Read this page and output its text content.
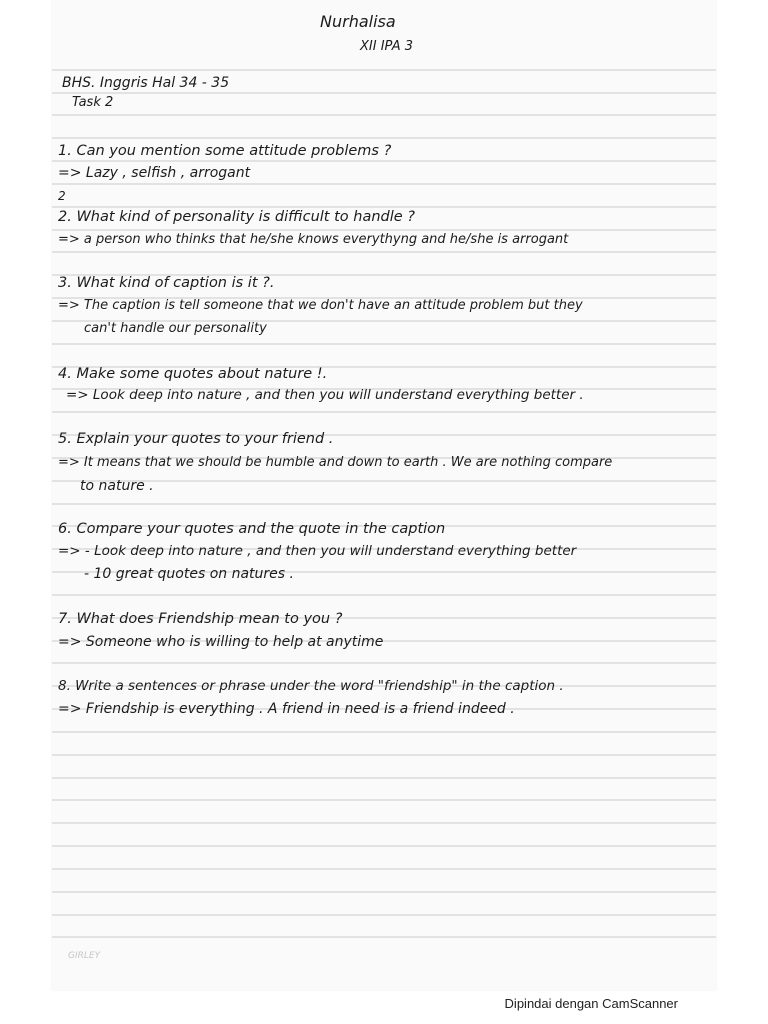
Nurhalisa
XII IPA 3
BHS. Inggris Hal 34 - 35
Task 2
1. Can you mention some attitude problems ?
=> Lazy , selfish , arrogant
2
2. What kind of personality is difficult to handle ?
=> a person who thinks that he/she knows everythyng and he/she is arrogant
3. What kind of caption is it ?.
=> The caption is tell someone that we don't have an attitude problem but they
can't handle our personality
4. Make some quotes about nature !.
=> Look deep into nature , and then you will understand everything better .
5. Explain your quotes to your friend .
=> It means that we should be humble and down to earth . We are nothing compare
to nature .
6. Compare your quotes and the quote in the caption
=> - Look deep into nature , and then you will understand everything better
- 10 great quotes on natures .
7. What does Friendship mean to you ?
=> Someone who is willing to help at anytime
8. Write a sentences or phrase under the word "friendship" in the caption .
=> Friendship is everything . A friend in need is a friend indeed .
GIRLEY
Dipindai dengan CamScanner
